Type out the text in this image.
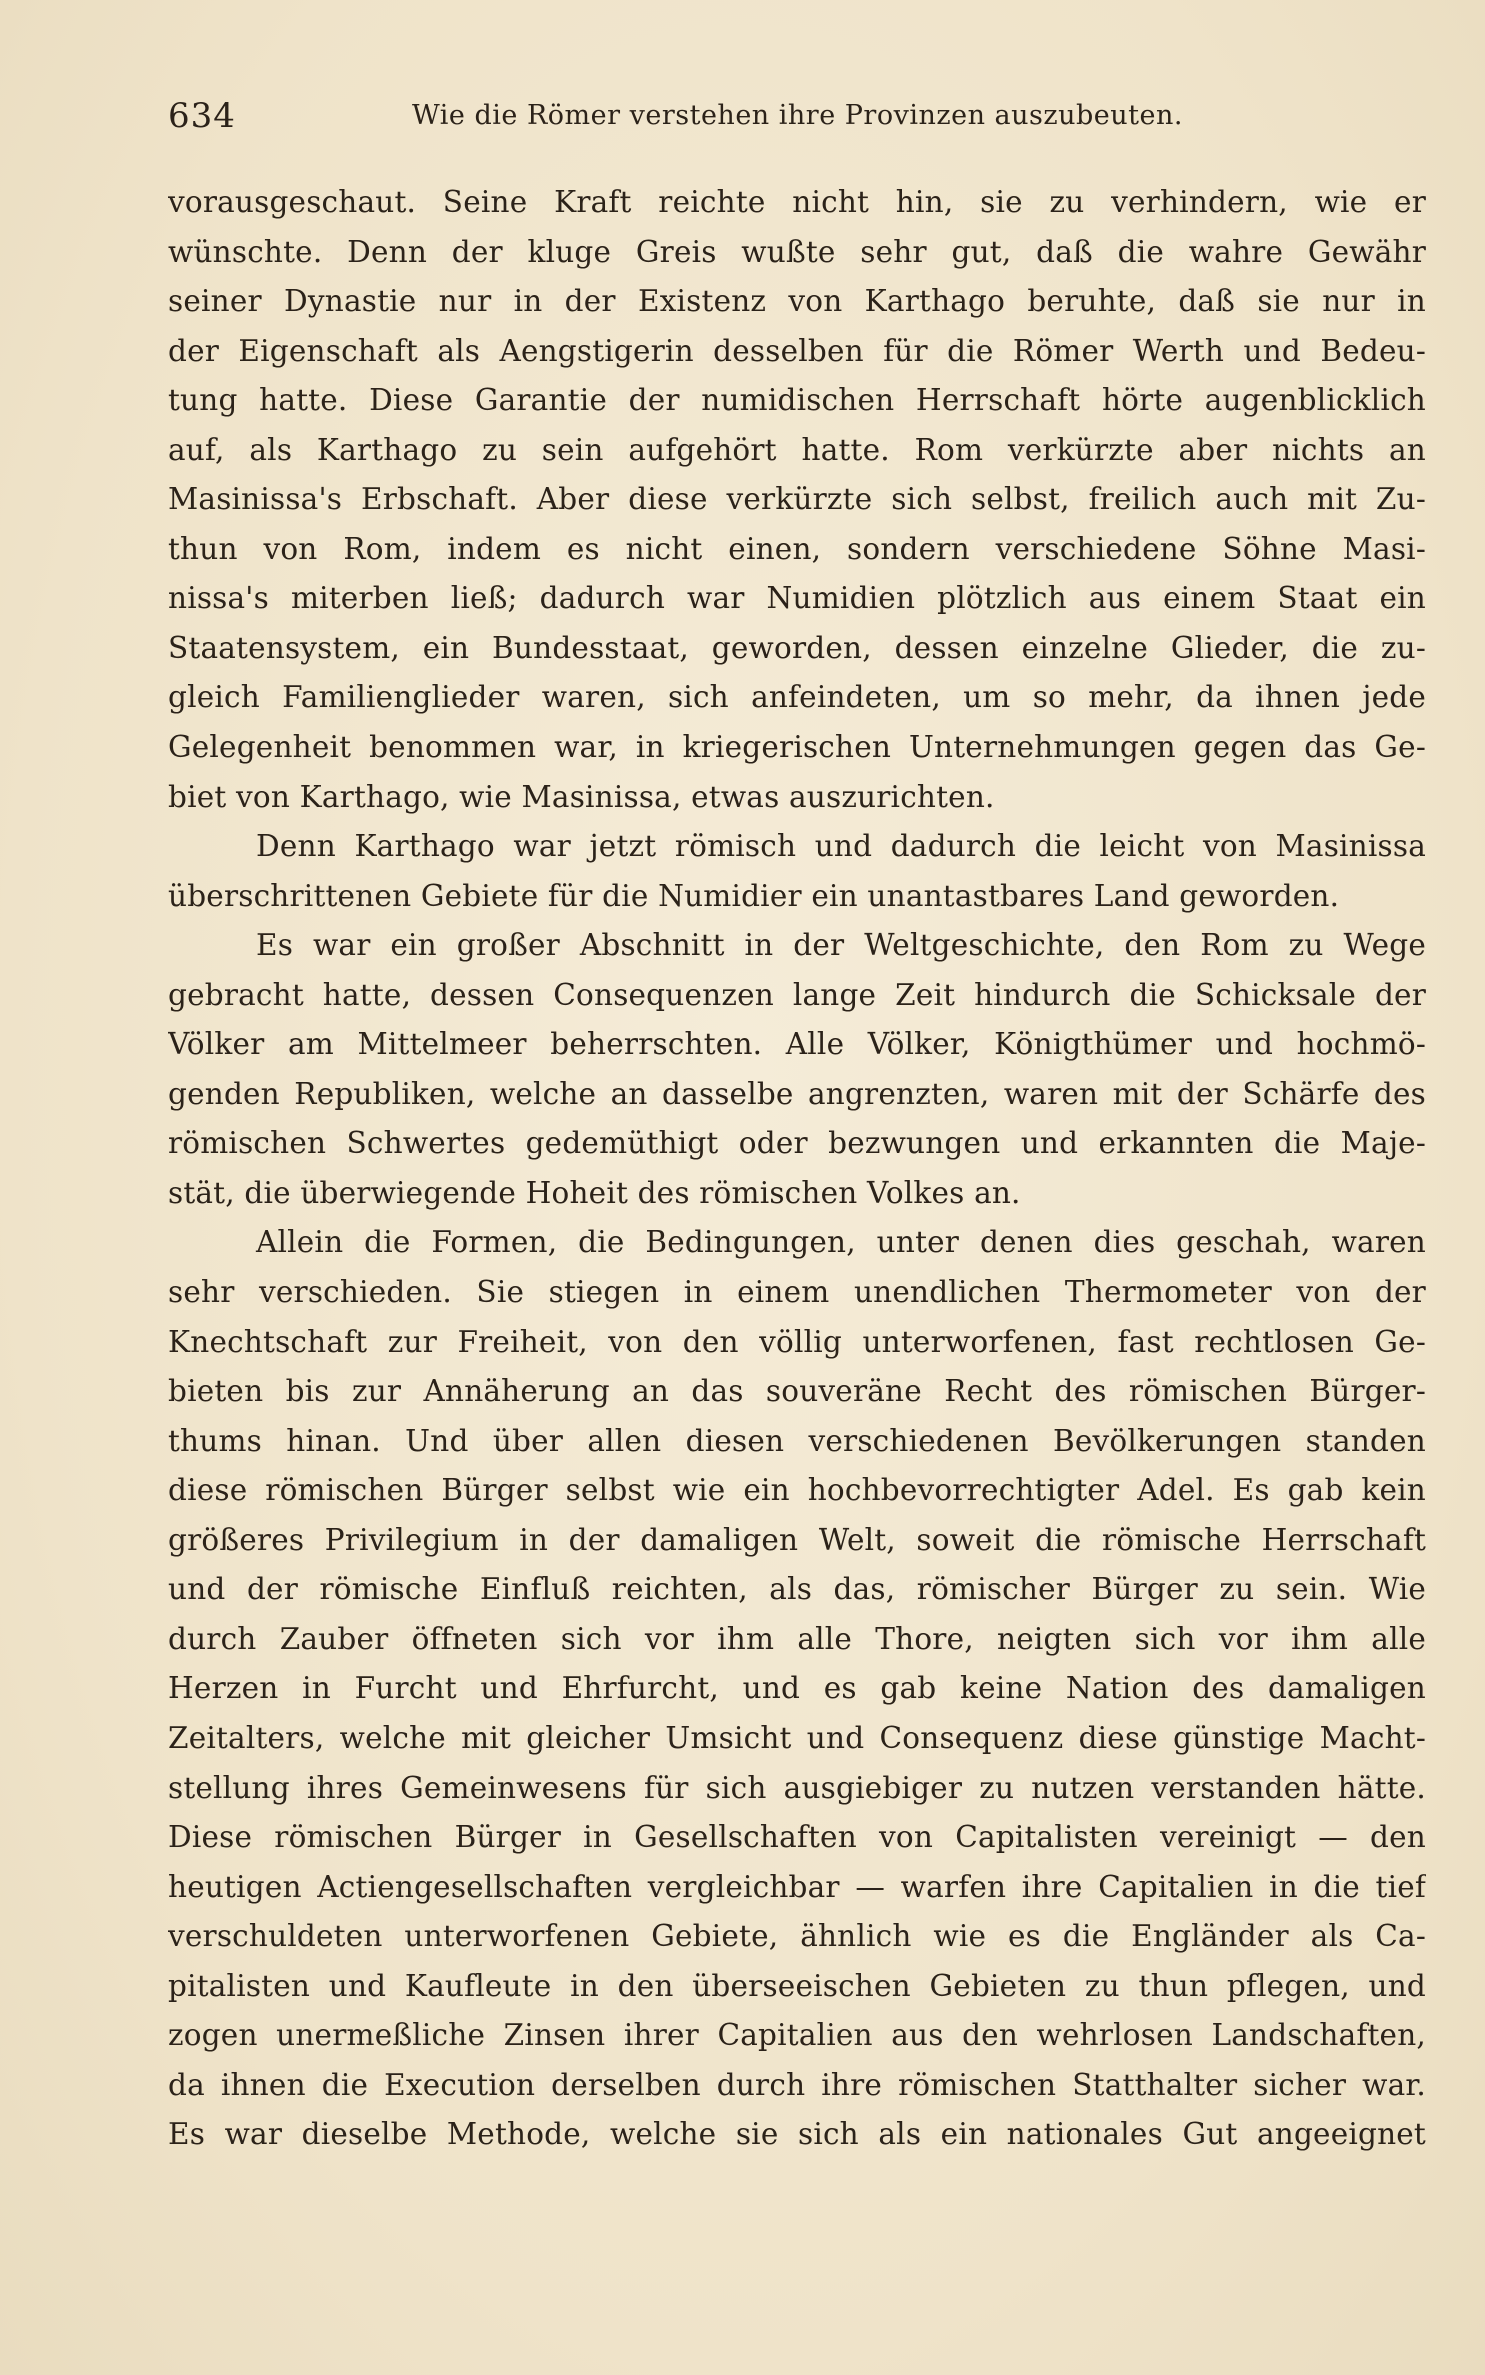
634	Wie die Römer verstehen ihre Provinzen auszubeuten.
vorausgeschaut. Seine Kraft reichte nicht hin, sie zu verhindern, wie er
wünschte. Denn der kluge Greis wußte sehr gut, daß die wahre Gewähr
seiner Dynastie nur in der Existenz von Karthago beruhte, daß sie nur in
der Eigenschaft als Aengstigerin desselben für die Römer Werth und Bedeu-
tung hatte. Diese Garantie der numidischen Herrschaft hörte augenblicklich
auf, als Karthago zu sein aufgehört hatte. Rom verkürzte aber nichts an
Masinissa's Erbschaft. Aber diese verkürzte sich selbst, freilich auch mit Zu-
thun von Rom, indem es nicht einen, sondern verschiedene Söhne Masi-
nissa's miterben ließ; dadurch war Numidien plötzlich aus einem Staat ein
Staatensystem, ein Bundesstaat, geworden, dessen einzelne Glieder, die zu-
gleich Familienglieder waren, sich anfeindeten, um so mehr, da ihnen jede
Gelegenheit benommen war, in kriegerischen Unternehmungen gegen das Ge-
biet von Karthago, wie Masinissa, etwas auszurichten.
Denn Karthago war jetzt römisch und dadurch die leicht von Masinissa
überschrittenen Gebiete für die Numidier ein unantastbares Land geworden.
Es war ein großer Abschnitt in der Weltgeschichte, den Rom zu Wege
gebracht hatte, dessen Consequenzen lange Zeit hindurch die Schicksale der
Völker am Mittelmeer beherrschten. Alle Völker, Königthümer und hochmö-
genden Republiken, welche an dasselbe angrenzten, waren mit der Schärfe des
römischen Schwertes gedemüthigt oder bezwungen und erkannten die Maje-
stät, die überwiegende Hoheit des römischen Volkes an.
Allein die Formen, die Bedingungen, unter denen dies geschah, waren
sehr verschieden. Sie stiegen in einem unendlichen Thermometer von der
Knechtschaft zur Freiheit, von den völlig unterworfenen, fast rechtlosen Ge-
bieten bis zur Annäherung an das souveräne Recht des römischen Bürger-
thums hinan. Und über allen diesen verschiedenen Bevölkerungen standen
diese römischen Bürger selbst wie ein hochbevorrechtigter Adel. Es gab kein
größeres Privilegium in der damaligen Welt, soweit die römische Herrschaft
und der römische Einfluß reichten, als das, römischer Bürger zu sein. Wie
durch Zauber öffneten sich vor ihm alle Thore, neigten sich vor ihm alle
Herzen in Furcht und Ehrfurcht, und es gab keine Nation des damaligen
Zeitalters, welche mit gleicher Umsicht und Consequenz diese günstige Macht-
stellung ihres Gemeinwesens für sich ausgiebiger zu nutzen verstanden hätte.
Diese römischen Bürger in Gesellschaften von Capitalisten vereinigt — den
heutigen Actiengesellschaften vergleichbar — warfen ihre Capitalien in die tief
verschuldeten unterworfenen Gebiete, ähnlich wie es die Engländer als Ca-
pitalisten und Kaufleute in den überseeischen Gebieten zu thun pflegen, und
zogen unermeßliche Zinsen ihrer Capitalien aus den wehrlosen Landschaften,
da ihnen die Execution derselben durch ihre römischen Statthalter sicher war.
Es war dieselbe Methode, welche sie sich als ein nationales Gut angeeignet
